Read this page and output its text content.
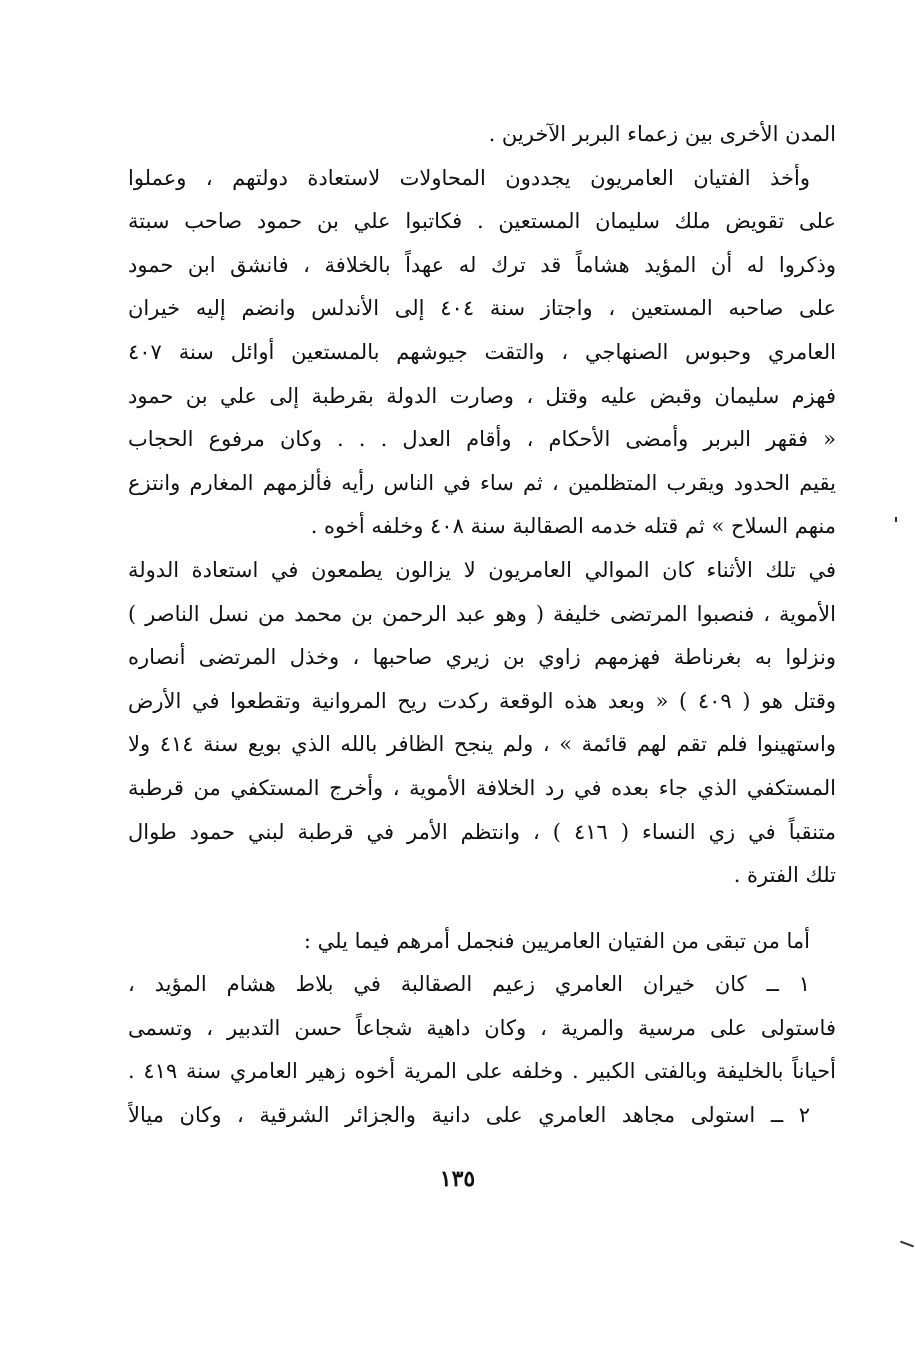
المدن الأخرى بين زعماء البربر الآخرين .
وأخذ الفتيان العامريون يجددون المحاولات لاستعادة دولتهم ، وعملوا
على تقويض ملك سليمان المستعين . فكاتبوا علي بن حمود صاحب سبتة
وذكروا له أن المؤيد هشاماً قد ترك له عهداً بالخلافة ، فانشق ابن حمود
على صاحبه المستعين ، واجتاز سنة ٤٠٤ إلى الأندلس وانضم إليه خيران
العامري وحبوس الصنهاجي ، والتقت جيوشهم بالمستعين أوائل سنة ٤٠٧
فهزم سليمان وقبض عليه وقتل ، وصارت الدولة بقرطبة إلى علي بن حمود
« فقهر البربر وأمضى الأحكام ، وأقام العدل . . . وكان مرفوع الحجاب
يقيم الحدود ويقرب المتظلمين ، ثم ساء في الناس رأيه فألزمهم المغارم وانتزع
منهم السلاح » ثم قتله خدمه الصقالبة سنة ٤٠٨ وخلفه أخوه .
في تلك الأثناء كان الموالي العامريون لا يزالون يطمعون في استعادة الدولة
الأموية ، فنصبوا المرتضى خليفة ( وهو عبد الرحمن بن محمد من نسل الناصر )
ونزلوا به بغرناطة فهزمهم زاوي بن زيري صاحبها ، وخذل المرتضى أنصاره
وقتل هو ( ٤٠٩ ) « وبعد هذه الوقعة ركدت ريح المروانية وتقطعوا في الأرض
واستهينوا فلم تقم لهم قائمة » ، ولم ينجح الظافر بالله الذي بويع سنة ٤١٤ ولا
المستكفي الذي جاء بعده في رد الخلافة الأموية ، وأخرج المستكفي من قرطبة
متنقباً في زي النساء ( ٤١٦ ) ، وانتظم الأمر في قرطبة لبني حمود طوال
تلك الفترة .
أما من تبقى من الفتيان العامريين فنجمل أمرهم فيما يلي :
١ ــ كان خيران العامري زعيم الصقالبة في بلاط هشام المؤيد ،
فاستولى على مرسية والمرية ، وكان داهية شجاعاً حسن التدبير ، وتسمى
أحياناً بالخليفة وبالفتى الكبير . وخلفه على المرية أخوه زهير العامري سنة ٤١٩ .
٢ ــ استولى مجاهد العامري على دانية والجزائر الشرقية ، وكان ميالاً
١٣٥
